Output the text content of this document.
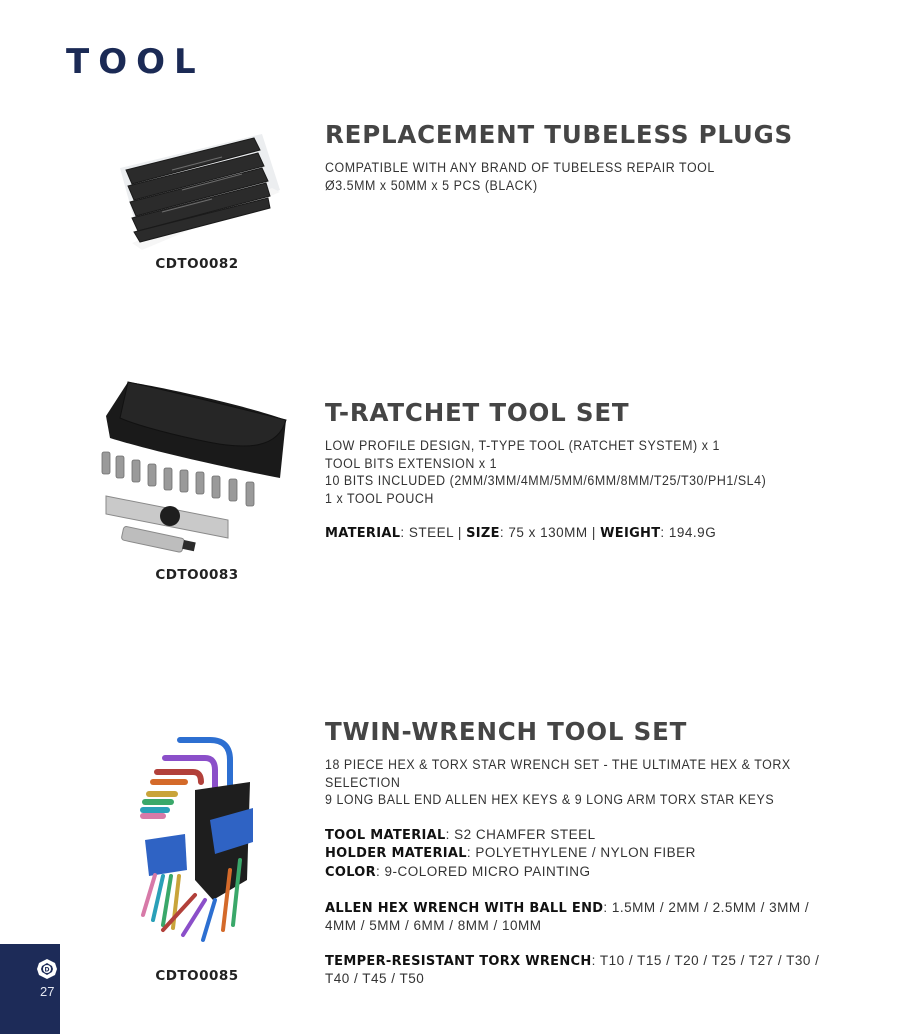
TOOL
CDTO0082
REPLACEMENT TUBELESS PLUGS
COMPATIBLE WITH ANY BRAND OF TUBELESS REPAIR TOOL
Ø3.5MM x 50MM x 5 PCS (BLACK)
CDTO0083
T-RATCHET TOOL SET
LOW PROFILE DESIGN, T-TYPE TOOL (RATCHET SYSTEM) x 1
TOOL BITS EXTENSION x 1
10 BITS INCLUDED (2MM/3MM/4MM/5MM/6MM/8MM/T25/T30/PH1/SL4)
1 x TOOL POUCH
MATERIAL: STEEL | SIZE: 75 x 130MM | WEIGHT: 194.9G
CDTO0085
TWIN-WRENCH TOOL SET
18 PIECE HEX & TORX STAR WRENCH SET - THE ULTIMATE HEX & TORX
SELECTION
9 LONG BALL END ALLEN HEX KEYS & 9 LONG ARM TORX STAR KEYS
TOOL MATERIAL: S2 CHAMFER STEEL
HOLDER MATERIAL: POLYETHYLENE / NYLON FIBER
COLOR: 9-COLORED MICRO PAINTING
ALLEN HEX WRENCH WITH BALL END: 1.5MM / 2MM / 2.5MM / 3MM /
4MM / 5MM / 6MM / 8MM / 10MM
TEMPER-RESISTANT TORX WRENCH: T10 / T15 / T20 / T25 / T27 / T30 /
T40 / T45 / T50
D
27
